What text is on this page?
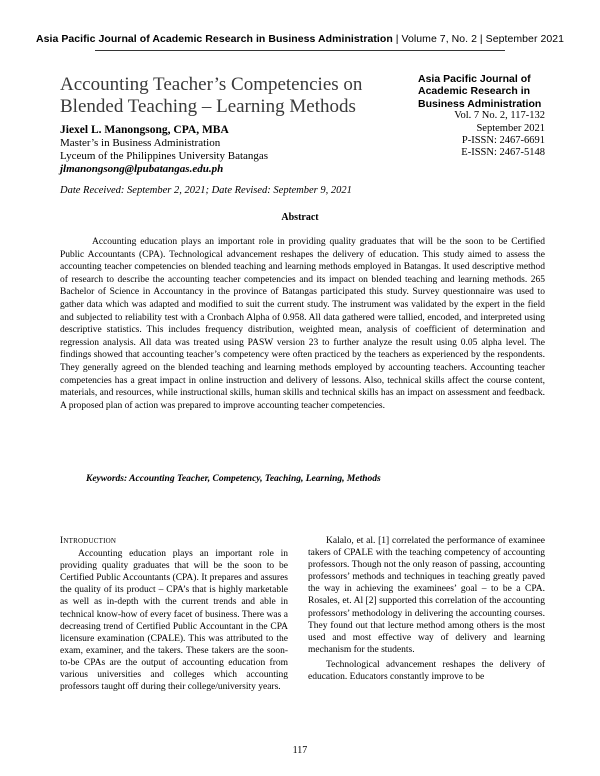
Asia Pacific Journal of Academic Research in Business Administration | Volume 7, No. 2 | September 2021
Accounting Teacher’s Competencies on Blended Teaching – Learning Methods
Asia Pacific Journal of Academic Research in Business Administration
Vol. 7 No. 2, 117-132
September 2021
P-ISSN: 2467-6691
E-ISSN: 2467-5148
Jiexel L. Manongsong, CPA, MBA
Master’s in Business Administration
Lyceum of the Philippines University Batangas
jlmanongsong@lpubatangas.edu.ph
Date Received: September 2, 2021; Date Revised: September 9, 2021
Abstract
Accounting education plays an important role in providing quality graduates that will be the soon to be Certified Public Accountants (CPA). Technological advancement reshapes the delivery of education. This study aimed to assess the accounting teacher competencies on blended teaching and learning methods employed in Batangas. It used descriptive method of research to describe the accounting teacher competencies and its impact on blended teaching and learning methods. 265 Bachelor of Science in Accountancy in the province of Batangas participated this study. Survey questionnaire was used to gather data which was adapted and modified to suit the current study. The instrument was validated by the expert in the field and subjected to reliability test with a Cronbach Alpha of 0.958. All data gathered were tallied, encoded, and interpreted using descriptive statistics. This includes frequency distribution, weighted mean, analysis of coefficient of determination and regression analysis. All data was treated using PASW version 23 to further analyze the result using 0.05 alpha level. The findings showed that accounting teacher’s competency were often practiced by the teachers as experienced by the respondents. They generally agreed on the blended teaching and learning methods employed by accounting teachers. Accounting teacher competencies has a great impact in online instruction and delivery of lessons. Also, technical skills affect the course content, materials, and resources, while instructional skills, human skills and technical skills has an impact on assessment and feedback. A proposed plan of action was prepared to improve accounting teacher competencies.
Keywords: Accounting Teacher, Competency, Teaching, Learning, Methods
Introduction

Accounting education plays an important role in providing quality graduates that will be the soon to be Certified Public Accountants (CPA). It prepares and assures the quality of its product – CPA’s that is highly marketable as well as in-depth with the current trends and able in technical know-how of every facet of business. There was a decreasing trend of Certified Public Accountant in the CPA licensure examination (CPALE). This was attributed to the exam, examiner, and the takers. These takers are the soon-to-be CPAs are the output of accounting education from various universities and colleges which accounting professors taught off during their college/university years.

Kalalo, et al. [1] correlated the performance of examinee takers of CPALE with the teaching competency of accounting professors. Though not the only reason of passing, accounting professors’ methods and techniques in teaching greatly paved the way in achieving the examinees’ goal – to be a CPA. Rosales, et. Al [2] supported this correlation of the accounting professors’ methodology in delivering the accounting courses. They found out that lecture method among others is the most used and most effective way of delivery and learning mechanism for the students.

Technological advancement reshapes the delivery of education. Educators constantly improve to be

117
